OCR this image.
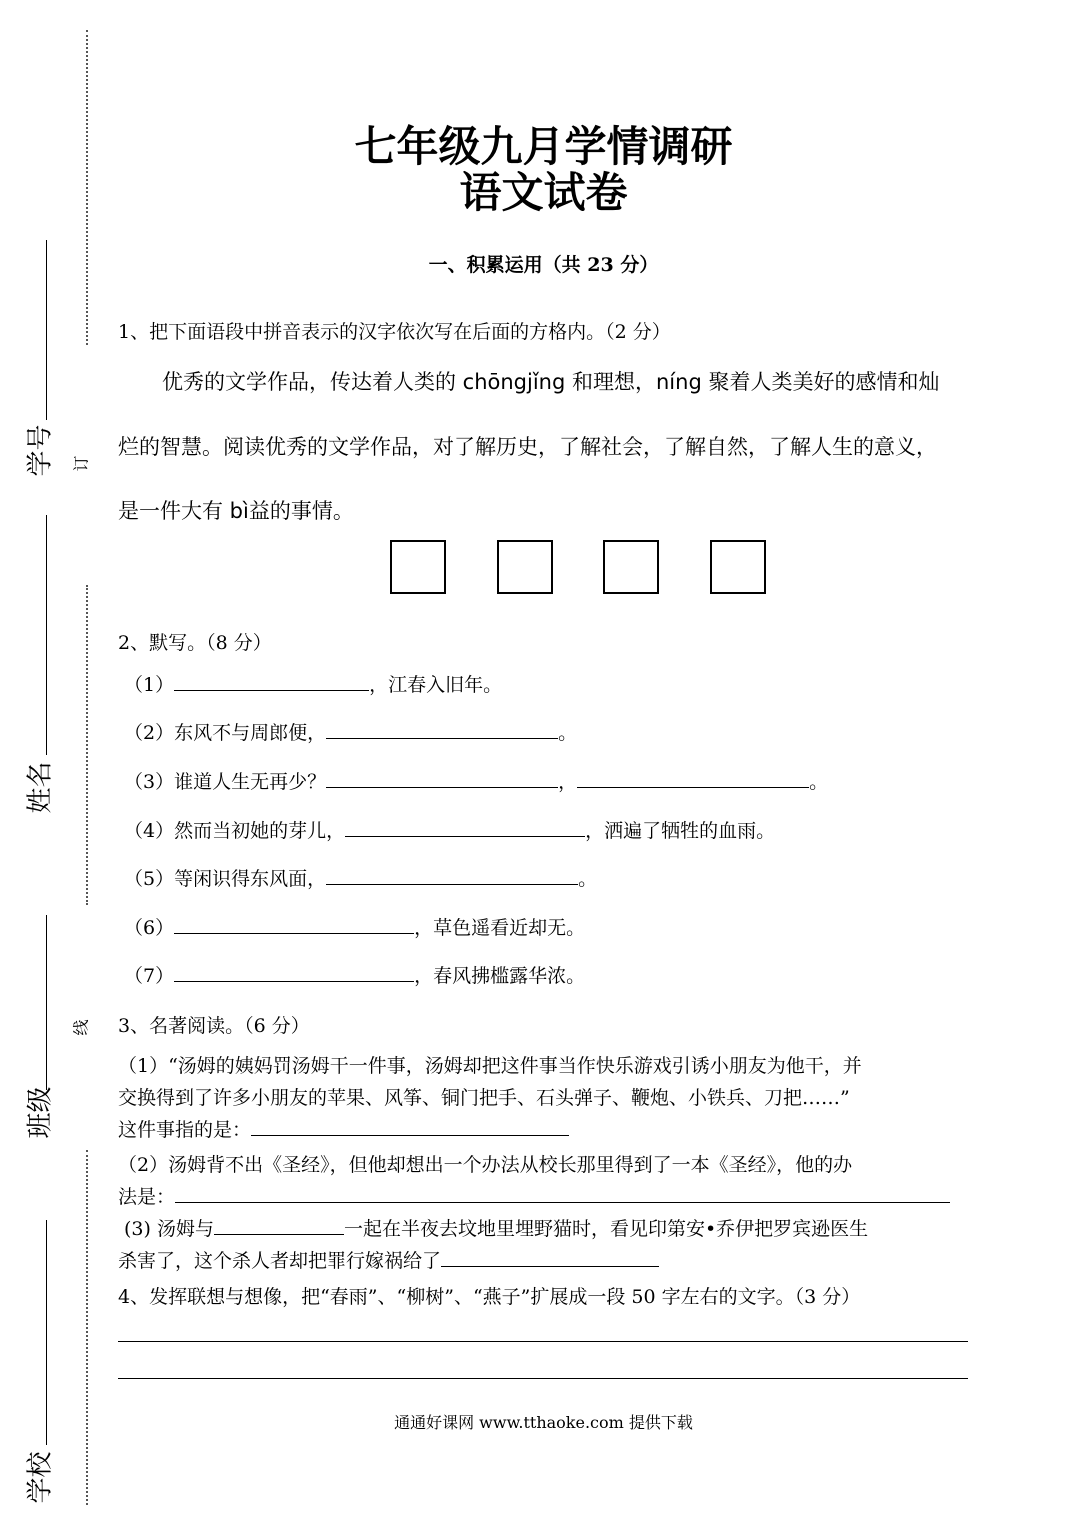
学号
姓名
班级
学校
订
线
七年级九月学情调研
语文试卷
一、积累运用（共 23 分）
1、把下面语段中拼音表示的汉字依次写在后面的方格内。（2 分）
优秀的文学作品，传达着人类的 chōngjǐng 和理想，níng 聚着人类美好的感情和灿
烂的智慧。阅读优秀的文学作品，对了解历史，了解社会，了解自然，了解人生的意义，
是一件大有 bì益的事情。
2、默写。（8 分）
（1）	，江春入旧年。
（2）东风不与周郎便，	。
（3）谁道人生无再少？	，	。
（4）然而当初她的芽儿，	，洒遍了牺牲的血雨。
（5）等闲识得东风面，	。
（6）	，草色遥看近却无。
（7）	，春风拂槛露华浓。
3、名著阅读。（6 分）
（1）“汤姆的姨妈罚汤姆干一件事，汤姆却把这件事当作快乐游戏引诱小朋友为他干，并
交换得到了许多小朋友的苹果、风筝、铜门把手、石头弹子、鞭炮、小铁兵、刀把……”
这件事指的是：
（2）汤姆背不出《圣经》，但他却想出一个办法从校长那里得到了一本《圣经》，他的办
法是：
(3) 汤姆与	一起在半夜去坟地里埋野猫时，看见印第安•乔伊把罗宾逊医生
杀害了，这个杀人者却把罪行嫁祸给了
4、发挥联想与想像，把“春雨”、“柳树”、“燕子”扩展成一段 50 字左右的文字。（3 分）
通通好课网 www.tthaoke.com 提供下载
